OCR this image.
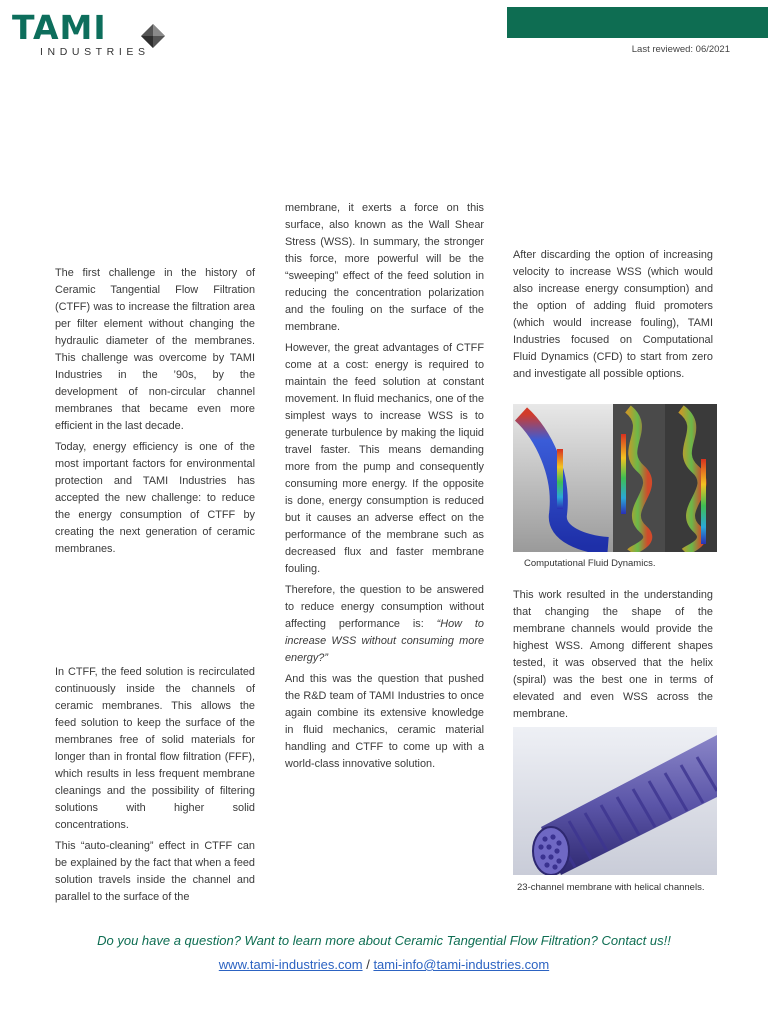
TAMI
INDUSTRIES	Last reviewed: 06/2021

The first challenge in the history of Ceramic Tangential Flow Filtration (CTFF) was to increase the filtration area per filter element without changing the hydraulic diameter of the membranes. This challenge was overcome by TAMI Industries in the ’90s, by the development of non-circular channel membranes that became even more efficient in the last decade.

Today, energy efficiency is one of the most important factors for environmental protection and TAMI Industries has accepted the new challenge: to reduce the energy consumption of CTFF by creating the next generation of ceramic membranes.

In CTFF, the feed solution is recirculated continuously inside the channels of ceramic membranes. This allows the feed solution to keep the surface of the membranes free of solid materials for longer than in frontal flow filtration (FFF), which results in less frequent membrane cleanings and the possibility of filtering solutions with higher solid concentrations.

This “auto-cleaning” effect in CTFF can be explained by the fact that when a feed solution travels inside the channel and parallel to the surface of the

membrane, it exerts a force on this surface, also known as the Wall Shear Stress (WSS). In summary, the stronger this force, more powerful will be the “sweeping” effect of the feed solution in reducing the concentration polarization and the fouling on the surface of the membrane.

However, the great advantages of CTFF come at a cost: energy is required to maintain the feed solution at constant movement. In fluid mechanics, one of the simplest ways to increase WSS is to generate turbulence by making the liquid travel faster. This means demanding more from the pump and consequently consuming more energy. If the opposite is done, energy consumption is reduced but it causes an adverse effect on the performance of the membrane such as decreased flux and faster membrane fouling.

Therefore, the question to be answered to reduce energy consumption without affecting performance is: “How to increase WSS without consuming more energy?”

And this was the question that pushed the R&D team of TAMI Industries to once again combine its extensive knowledge in fluid mechanics, ceramic material handling and CTFF to come up with a world-class innovative solution.

After discarding the option of increasing velocity to increase WSS (which would also increase energy consumption) and the option of adding fluid promoters (which would increase fouling), TAMI Industries focused on Computational Fluid Dynamics (CFD) to start from zero and investigate all possible options.

Computational Fluid Dynamics.

This work resulted in the understanding that changing the shape of the membrane channels would provide the highest WSS. Among different shapes tested, it was observed that the helix (spiral) was the best one in terms of elevated and even WSS across the membrane.

23-channel membrane with helical channels.
Do you have a question? Want to learn more about Ceramic Tangential Flow Filtration? Contact us!!
www.tami-industries.com / tami-info@tami-industries.com
